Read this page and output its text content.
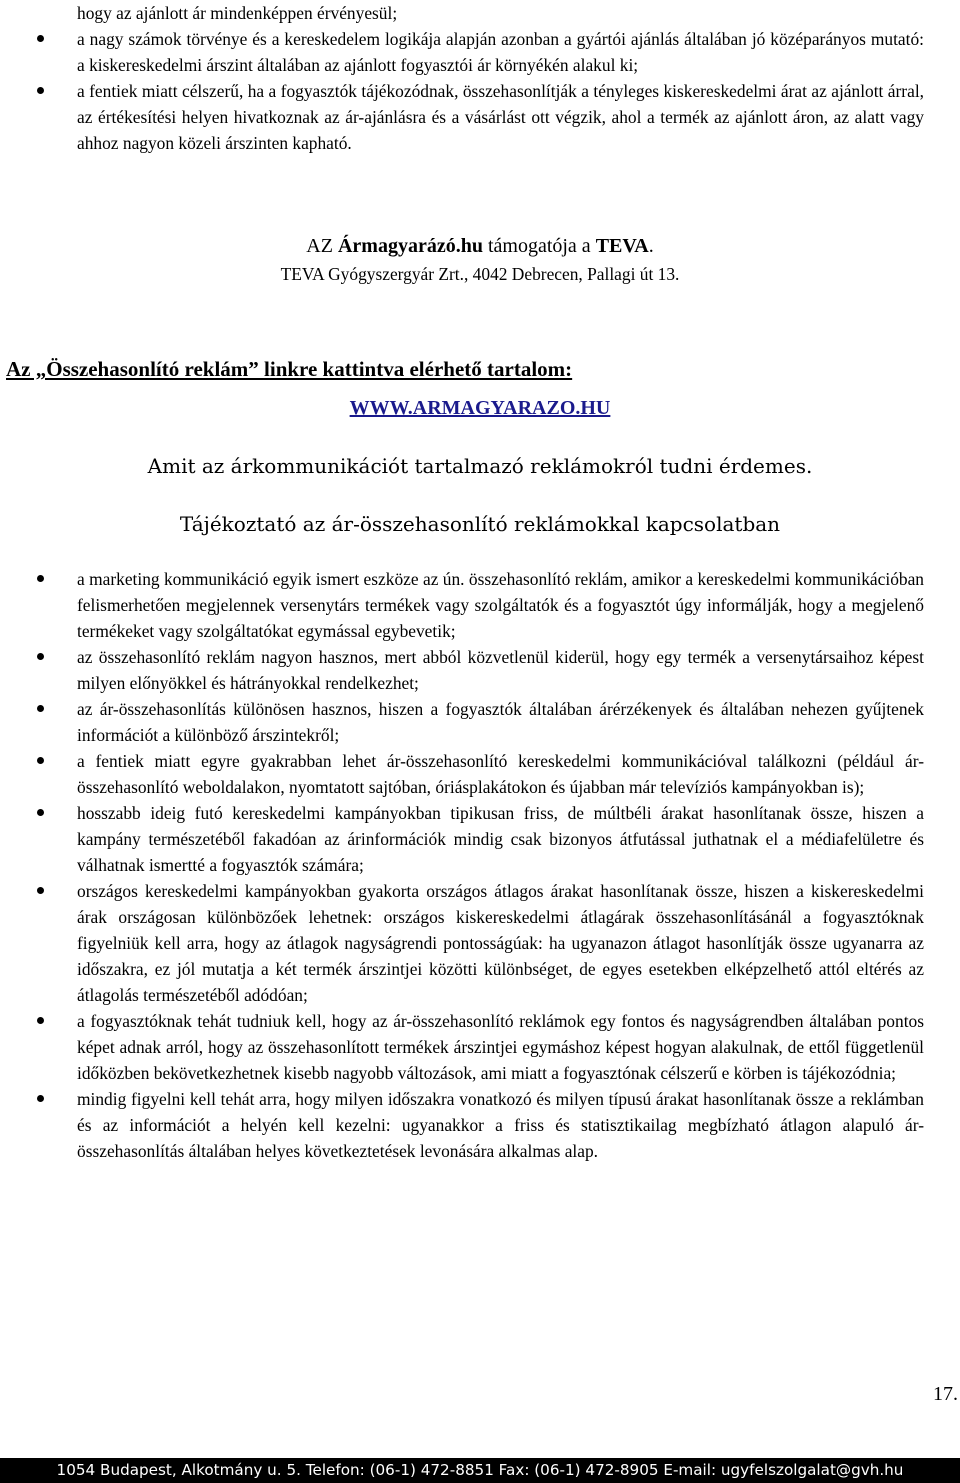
hogy az ajánlott ár mindenképpen érvényesül;
a nagy számok törvénye és a kereskedelem logikája alapján azonban a gyártói ajánlás általában jó középarányos mutató: a kiskereskedelmi árszint általában az ajánlott fogyasztói ár környékén alakul ki;
a fentiek miatt célszerű, ha a fogyasztók tájékozódnak, összehasonlítják a tényleges kiskereskedelmi árat az ajánlott árral, az értékesítési helyen hivatkoznak az ár-ajánlásra és a vásárlást ott végzik, ahol a termék az ajánlott áron, az alatt vagy ahhoz nagyon közeli árszinten kapható.
AZ Ármagyarázó.hu támogatója a TEVA.
TEVA Gyógyszergyár Zrt., 4042 Debrecen, Pallagi út 13.
Az „Összehasonlító reklám” linkre kattintva elérhető tartalom:
WWW.ARMAGYARAZO.HU
Amit az árkommunikációt tartalmazó reklámokról tudni érdemes.
Tájékoztató az ár-összehasonlító reklámokkal kapcsolatban
a marketing kommunikáció egyik ismert eszköze az ún. összehasonlító reklám, amikor a kereskedelmi kommunikációban felismerhetően megjelennek versenytárs termékek vagy szolgáltatók és a fogyasztót úgy informálják, hogy a megjelenő termékeket vagy szolgáltatókat egymással egybevetik;
az összehasonlító reklám nagyon hasznos, mert abból közvetlenül kiderül, hogy egy termék a versenytársaihoz képest milyen előnyökkel és hátrányokkal rendelkezhet;
az ár-összehasonlítás különösen hasznos, hiszen a fogyasztók általában árérzékenyek és általában nehezen gyűjtenek információt a különböző árszintekről;
a fentiek miatt egyre gyakrabban lehet ár-összehasonlító kereskedelmi kommunikációval találkozni (például ár-összehasonlító weboldalakon, nyomtatott sajtóban, óriásplakátokon és újabban már televíziós kampányokban is);
hosszabb ideig futó kereskedelmi kampányokban tipikusan friss, de múltbéli árakat hasonlítanak össze, hiszen a kampány természetéből fakadóan az árinformációk mindig csak bizonyos átfutással juthatnak el a médiafelületre és válhatnak ismertté a fogyasztók számára;
országos kereskedelmi kampányokban gyakorta országos átlagos árakat hasonlítanak össze, hiszen a kiskereskedelmi árak országosan különbözőek lehetnek: országos kiskereskedelmi átlagárak összehasonlításánál a fogyasztóknak figyelniük kell arra, hogy az átlagok nagyságrendi pontosságúak: ha ugyanazon átlagot hasonlítják össze ugyanarra az időszakra, ez jól mutatja a két termék árszintjei közötti különbséget, de egyes esetekben elképzelhető attól eltérés az átlagolás természetéből adódóan;
a fogyasztóknak tehát tudniuk kell, hogy az ár-összehasonlító reklámok egy fontos és nagyságrendben általában pontos képet adnak arról, hogy az összehasonlított termékek árszintjei egymáshoz képest hogyan alakulnak, de ettől függetlenül időközben bekövetkezhetnek kisebb nagyobb változások, ami miatt a fogyasztónak célszerű e körben is tájékozódnia;
mindig figyelni kell tehát arra, hogy milyen időszakra vonatkozó és milyen típusú árakat hasonlítanak össze a reklámban és az információt a helyén kell kezelni: ugyanakkor a friss és statisztikailag megbízható átlagon alapuló ár-összehasonlítás általában helyes következtetések levonására alkalmas alap.
17.
1054 Budapest, Alkotmány u. 5. Telefon: (06-1) 472-8851 Fax: (06-1) 472-8905 E-mail: ugyfelszolgalat@gvh.hu
